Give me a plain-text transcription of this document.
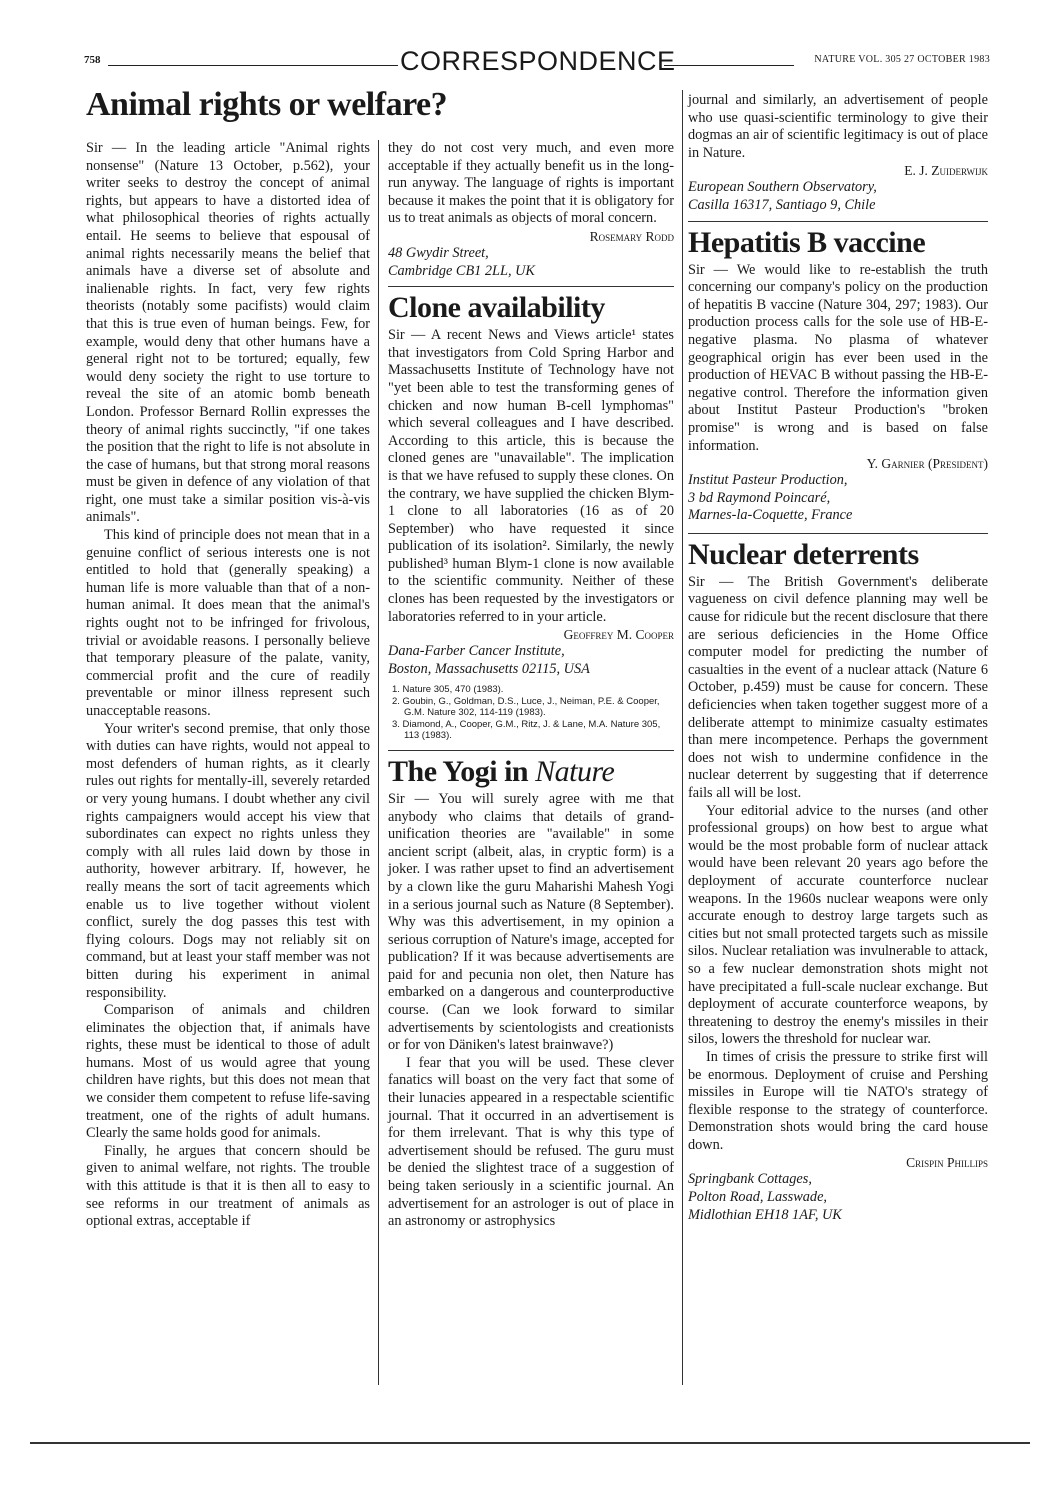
758	CORRESPONDENCE	NATURE VOL. 305 27 OCTOBER 1983
Animal rights or welfare?

Sir — In the leading article "Animal rights nonsense" (Nature 13 October, p.562), your writer seeks to destroy the concept of animal rights, but appears to have a distorted idea of what philosophical theories of rights actually entail. He seems to believe that espousal of animal rights necessarily means the belief that animals have a diverse set of absolute and inalienable rights. In fact, very few rights theorists (notably some pacifists) would claim that this is true even of human beings. Few, for example, would deny that other humans have a general right not to be tortured; equally, few would deny society the right to use torture to reveal the site of an atomic bomb beneath London. Professor Bernard Rollin expresses the theory of animal rights succinctly, "if one takes the position that the right to life is not absolute in the case of humans, but that strong moral reasons must be given in defence of any violation of that right, one must take a similar position vis-à-vis animals".

This kind of principle does not mean that in a genuine conflict of serious interests one is not entitled to hold that (generally speaking) a human life is more valuable than that of a non-human animal. It does mean that the animal's rights ought not to be infringed for frivolous, trivial or avoidable reasons. I personally believe that temporary pleasure of the palate, vanity, commercial profit and the cure of readily preventable or minor illness represent such unacceptable reasons.

Your writer's second premise, that only those with duties can have rights, would not appeal to most defenders of human rights, as it clearly rules out rights for mentally-ill, severely retarded or very young humans. I doubt whether any civil rights campaigners would accept his view that subordinates can expect no rights unless they comply with all rules laid down by those in authority, however arbitrary. If, however, he really means the sort of tacit agreements which enable us to live together without violent conflict, surely the dog passes this test with flying colours. Dogs may not reliably sit on command, but at least your staff member was not bitten during his experiment in animal responsibility.

Comparison of animals and children eliminates the objection that, if animals have rights, these must be identical to those of adult humans. Most of us would agree that young children have rights, but this does not mean that we consider them competent to refuse life-saving treatment, one of the rights of adult humans. Clearly the same holds good for animals.

Finally, he argues that concern should be given to animal welfare, not rights. The trouble with this attitude is that it is then all to easy to see reforms in our treatment of animals as optional extras, acceptable if

they do not cost very much, and even more acceptable if they actually benefit us in the long-run anyway. The language of rights is important because it makes the point that it is obligatory for us to treat animals as objects of moral concern.

Rosemary Rodd

48 Gwydir Street,

Cambridge CB1 2LL, UK

Clone availability

Sir — A recent News and Views article¹ states that investigators from Cold Spring Harbor and Massachusetts Institute of Technology have not "yet been able to test the transforming genes of chicken and now human B-cell lymphomas" which several colleagues and I have described. According to this article, this is because the cloned genes are "unavailable". The implication is that we have refused to supply these clones. On the contrary, we have supplied the chicken Blym-1 clone to all laboratories (16 as of 20 September) who have requested it since publication of its isolation². Similarly, the newly published³ human Blym-1 clone is now available to the scientific community. Neither of these clones has been requested by the investigators or laboratories referred to in your article.

Geoffrey M. Cooper

Dana-Farber Cancer Institute,

Boston, Massachusetts 02115, USA

1. Nature 305, 470 (1983).
2. Goubin, G., Goldman, D.S., Luce, J., Neiman, P.E. & Cooper, G.M. Nature 302, 114-119 (1983).
3. Diamond, A., Cooper, G.M., Ritz, J. & Lane, M.A. Nature 305, 113 (1983).
The Yogi in Nature

Sir — You will surely agree with me that anybody who claims that details of grand-unification theories are "available" in some ancient script (albeit, alas, in cryptic form) is a joker. I was rather upset to find an advertisement by a clown like the guru Maharishi Mahesh Yogi in a serious journal such as Nature (8 September). Why was this advertisement, in my opinion a serious corruption of Nature's image, accepted for publication? If it was because advertisements are paid for and pecunia non olet, then Nature has embarked on a dangerous and counterproductive course. (Can we look forward to similar advertisements by scientologists and creationists or for von Däniken's latest brainwave?)

I fear that you will be used. These clever fanatics will boast on the very fact that some of their lunacies appeared in a respectable scientific journal. That it occurred in an advertisement is for them irrelevant. That is why this type of advertisement should be refused. The guru must be denied the slightest trace of a suggestion of being taken seriously in a scientific journal. An advertisement for an astrologer is out of place in an astronomy or astrophysics

journal and similarly, an advertisement of people who use quasi-scientific terminology to give their dogmas an air of scientific legitimacy is out of place in Nature.

E. J. Zuiderwijk

European Southern Observatory,

Casilla 16317, Santiago 9, Chile

Hepatitis B vaccine

Sir — We would like to re-establish the truth concerning our company's policy on the production of hepatitis B vaccine (Nature 304, 297; 1983). Our production process calls for the sole use of HB-E-negative plasma. No plasma of whatever geographical origin has ever been used in the production of HEVAC B without passing the HB-E-negative control. Therefore the information given about Institut Pasteur Production's "broken promise" is wrong and is based on false information.

Y. Garnier (President)

Institut Pasteur Production,

3 bd Raymond Poincaré,

Marnes-la-Coquette, France

Nuclear deterrents

Sir — The British Government's deliberate vagueness on civil defence planning may well be cause for ridicule but the recent disclosure that there are serious deficiencies in the Home Office computer model for predicting the number of casualties in the event of a nuclear attack (Nature 6 October, p.459) must be cause for concern. These deficiencies when taken together suggest more of a deliberate attempt to minimize casualty estimates than mere incompetence. Perhaps the government does not wish to undermine confidence in the nuclear deterrent by suggesting that if deterrence fails all will be lost.

Your editorial advice to the nurses (and other professional groups) on how best to argue what would be the most probable form of nuclear attack would have been relevant 20 years ago before the deployment of accurate counterforce nuclear weapons. In the 1960s nuclear weapons were only accurate enough to destroy large targets such as cities but not small protected targets such as missile silos. Nuclear retaliation was invulnerable to attack, so a few nuclear demonstration shots might not have precipitated a full-scale nuclear exchange. But deployment of accurate counterforce weapons, by threatening to destroy the enemy's missiles in their silos, lowers the threshold for nuclear war.

In times of crisis the pressure to strike first will be enormous. Deployment of cruise and Pershing missiles in Europe will tie NATO's strategy of flexible response to the strategy of counterforce. Demonstration shots would bring the card house down.

Crispin Phillips

Springbank Cottages,

Polton Road, Lasswade,

Midlothian EH18 1AF, UK
